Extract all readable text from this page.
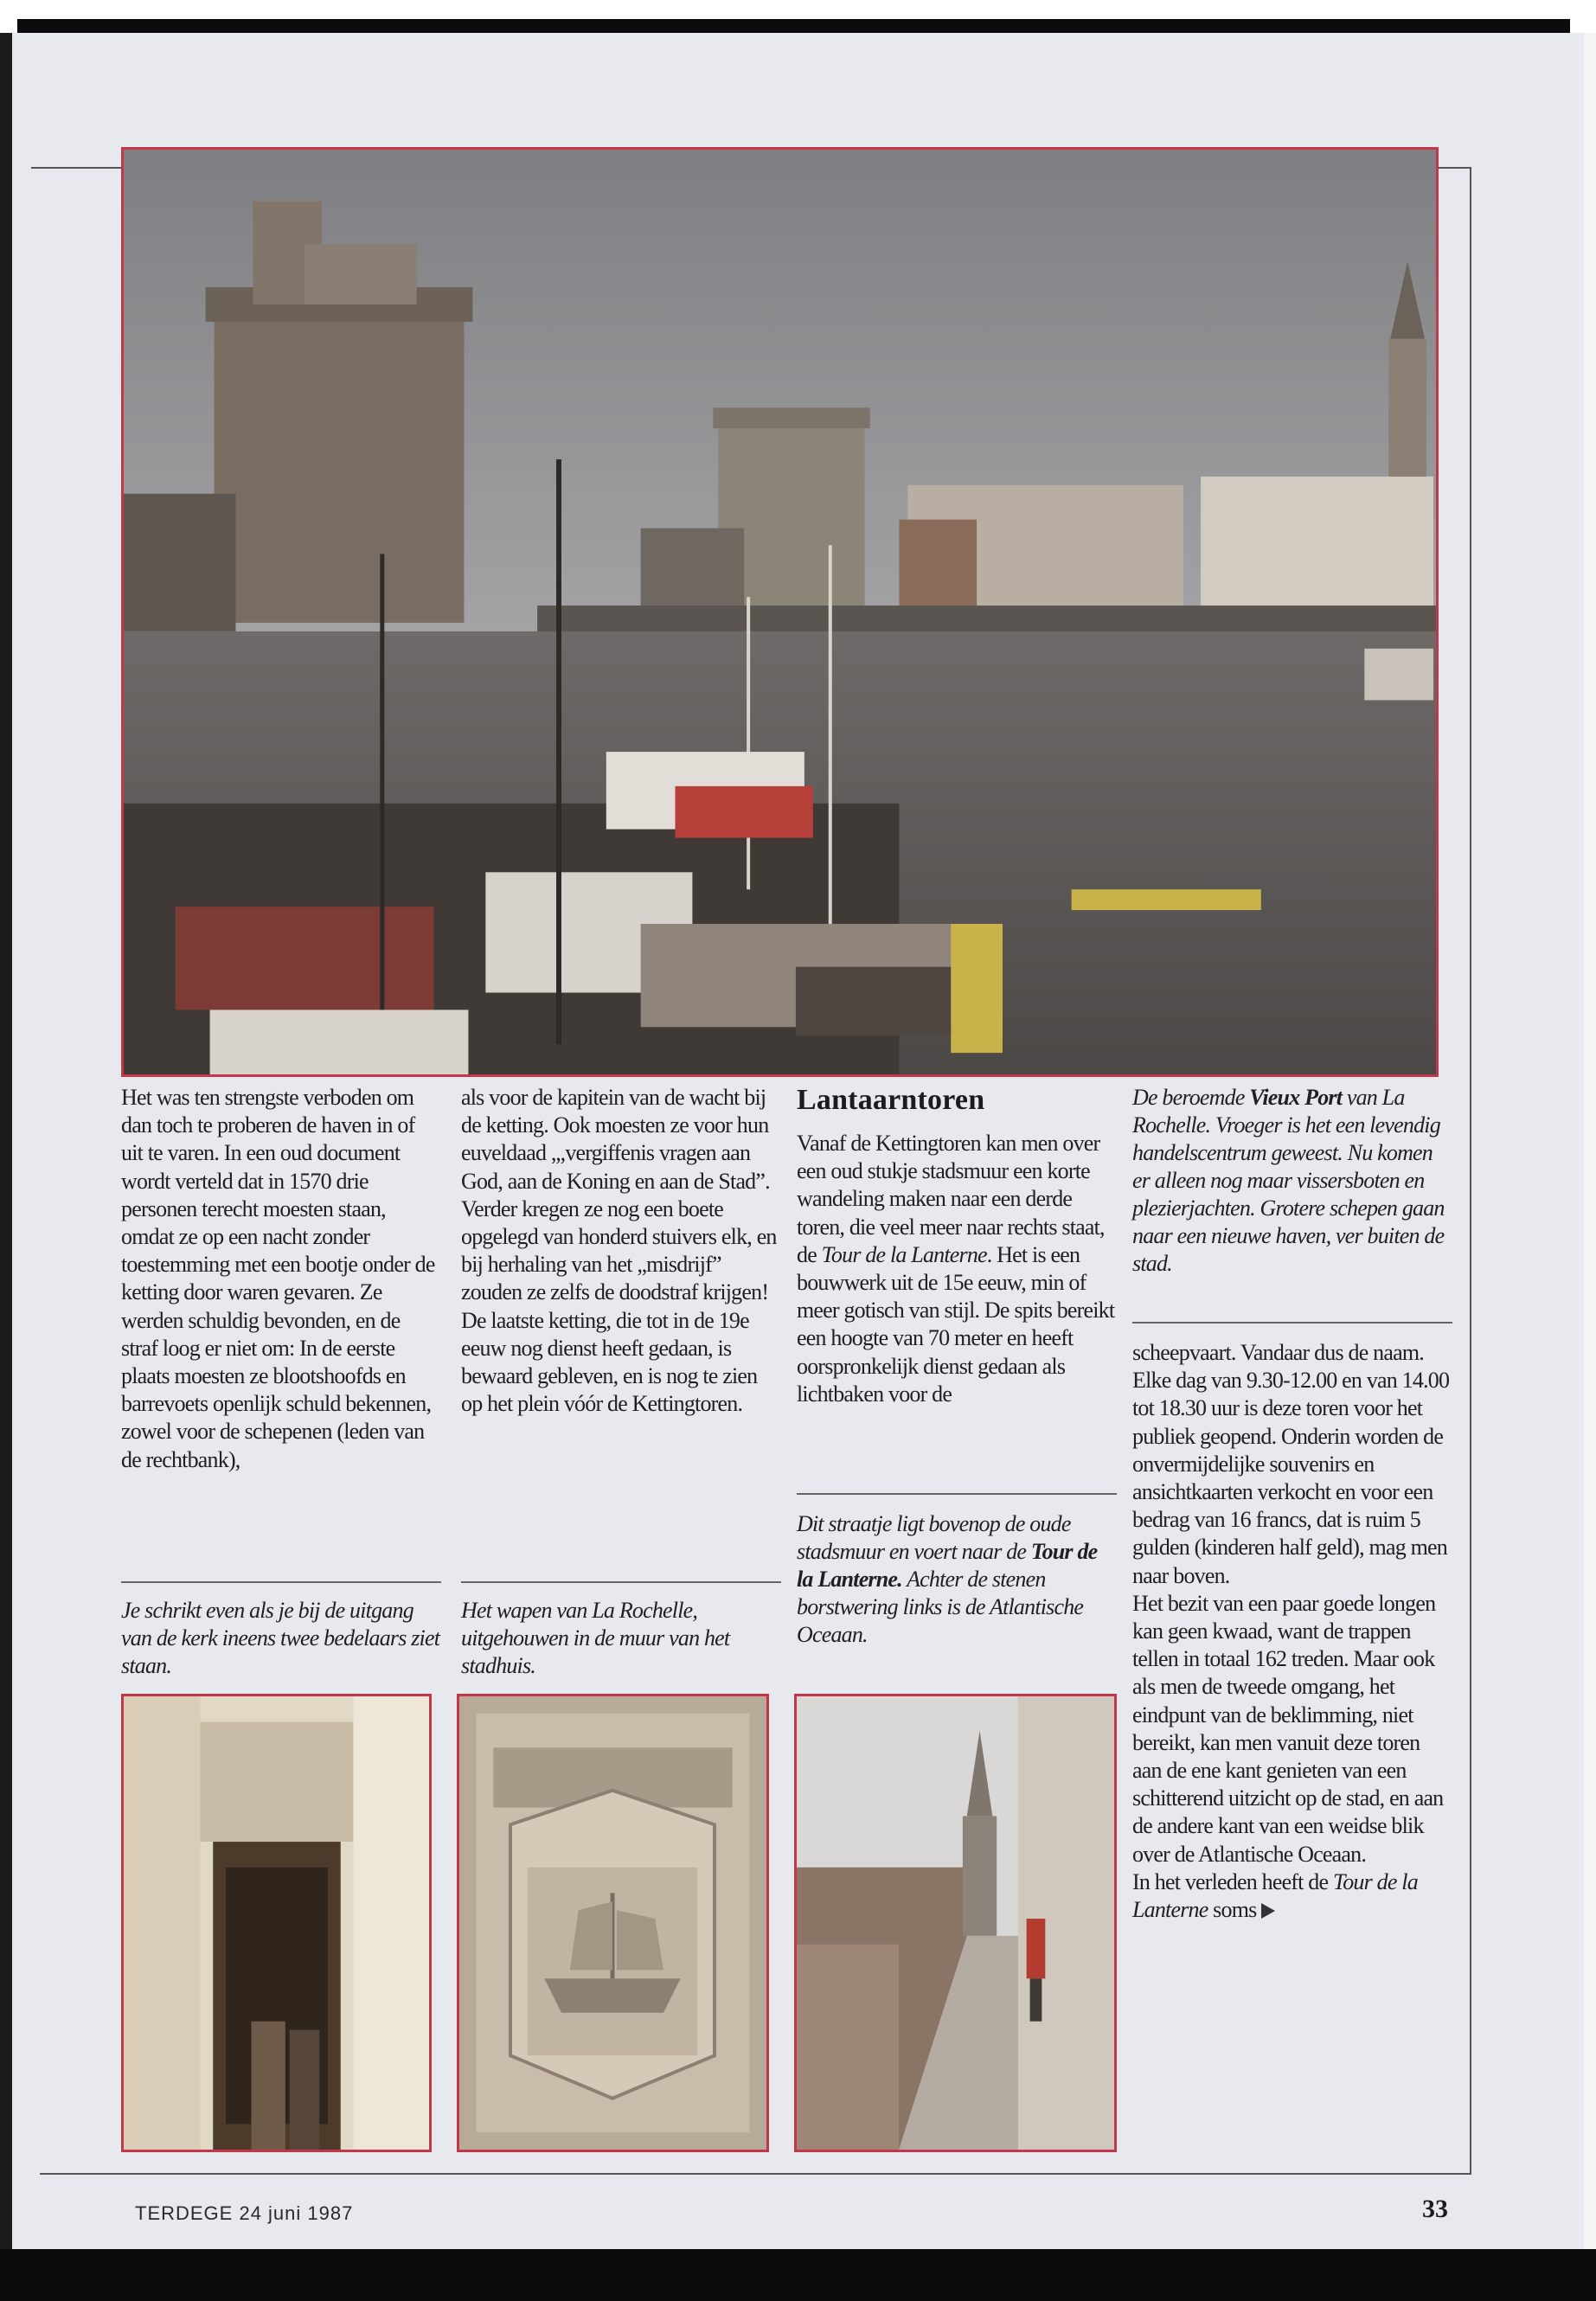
Het was ten strengste verboden om dan toch te proberen de haven in of uit te varen. In een oud document wordt verteld dat in 1570 drie personen terecht moesten staan, omdat ze op een nacht zonder toestemming met een bootje onder de ketting door waren gevaren. Ze werden schuldig bevonden, en de straf loog er niet om: In de eerste plaats moesten ze blootshoofds en barrevoets openlijk schuld bekennen, zowel voor de schepenen (leden van de rechtbank),

Je schrikt even als je bij de uitgang van de kerk ineens twee bedelaars ziet staan.

als voor de kapitein van de wacht bij de ketting. Ook moesten ze voor hun euveldaad „,vergiffenis vragen aan God, aan de Koning en aan de Stad”. Verder kregen ze nog een boete opgelegd van honderd stuivers elk, en bij herhaling van het „misdrijf” zouden ze zelfs de doodstraf krijgen!

De laatste ketting, die tot in de 19e eeuw nog dienst heeft gedaan, is bewaard gebleven, en is nog te zien op het plein vóór de Kettingtoren.

Het wapen van La Rochelle, uitgehouwen in de muur van het stadhuis.
Lantaarntoren

Vanaf de Kettingtoren kan men over een oud stukje stadsmuur een korte wandeling maken naar een derde toren, die veel meer naar rechts staat, de Tour de la Lanterne. Het is een bouwwerk uit de 15e eeuw, min of meer gotisch van stijl. De spits bereikt een hoogte van 70 meter en heeft oorspronkelijk dienst gedaan als lichtbaken voor de

Dit straatje ligt bovenop de oude stadsmuur en voert naar de Tour de la Lanterne. Achter de stenen borstwering links is de Atlantische Oceaan.
De beroemde Vieux Port van La Rochelle. Vroeger is het een levendig handelscentrum geweest. Nu komen er alleen nog maar vissersboten en plezierjachten. Grotere schepen gaan naar een nieuwe haven, ver buiten de stad.

scheepvaart. Vandaar dus de naam.

Elke dag van 9.30-12.00 en van 14.00 tot 18.30 uur is deze toren voor het publiek geopend. Onderin worden de onvermijdelijke souvenirs en ansichtkaarten verkocht en voor een bedrag van 16 francs, dat is ruim 5 gulden (kinderen half geld), mag men naar boven.

Het bezit van een paar goede longen kan geen kwaad, want de trappen tellen in totaal 162 treden. Maar ook als men de tweede omgang, het eindpunt van de beklimming, niet bereikt, kan men vanuit deze toren aan de ene kant genieten van een schitterend uitzicht op de stad, en aan de andere kant van een weidse blik over de Atlantische Oceaan.

In het verleden heeft de Tour de la Lanterne soms

TERDEGE 24 juni 1987	33
